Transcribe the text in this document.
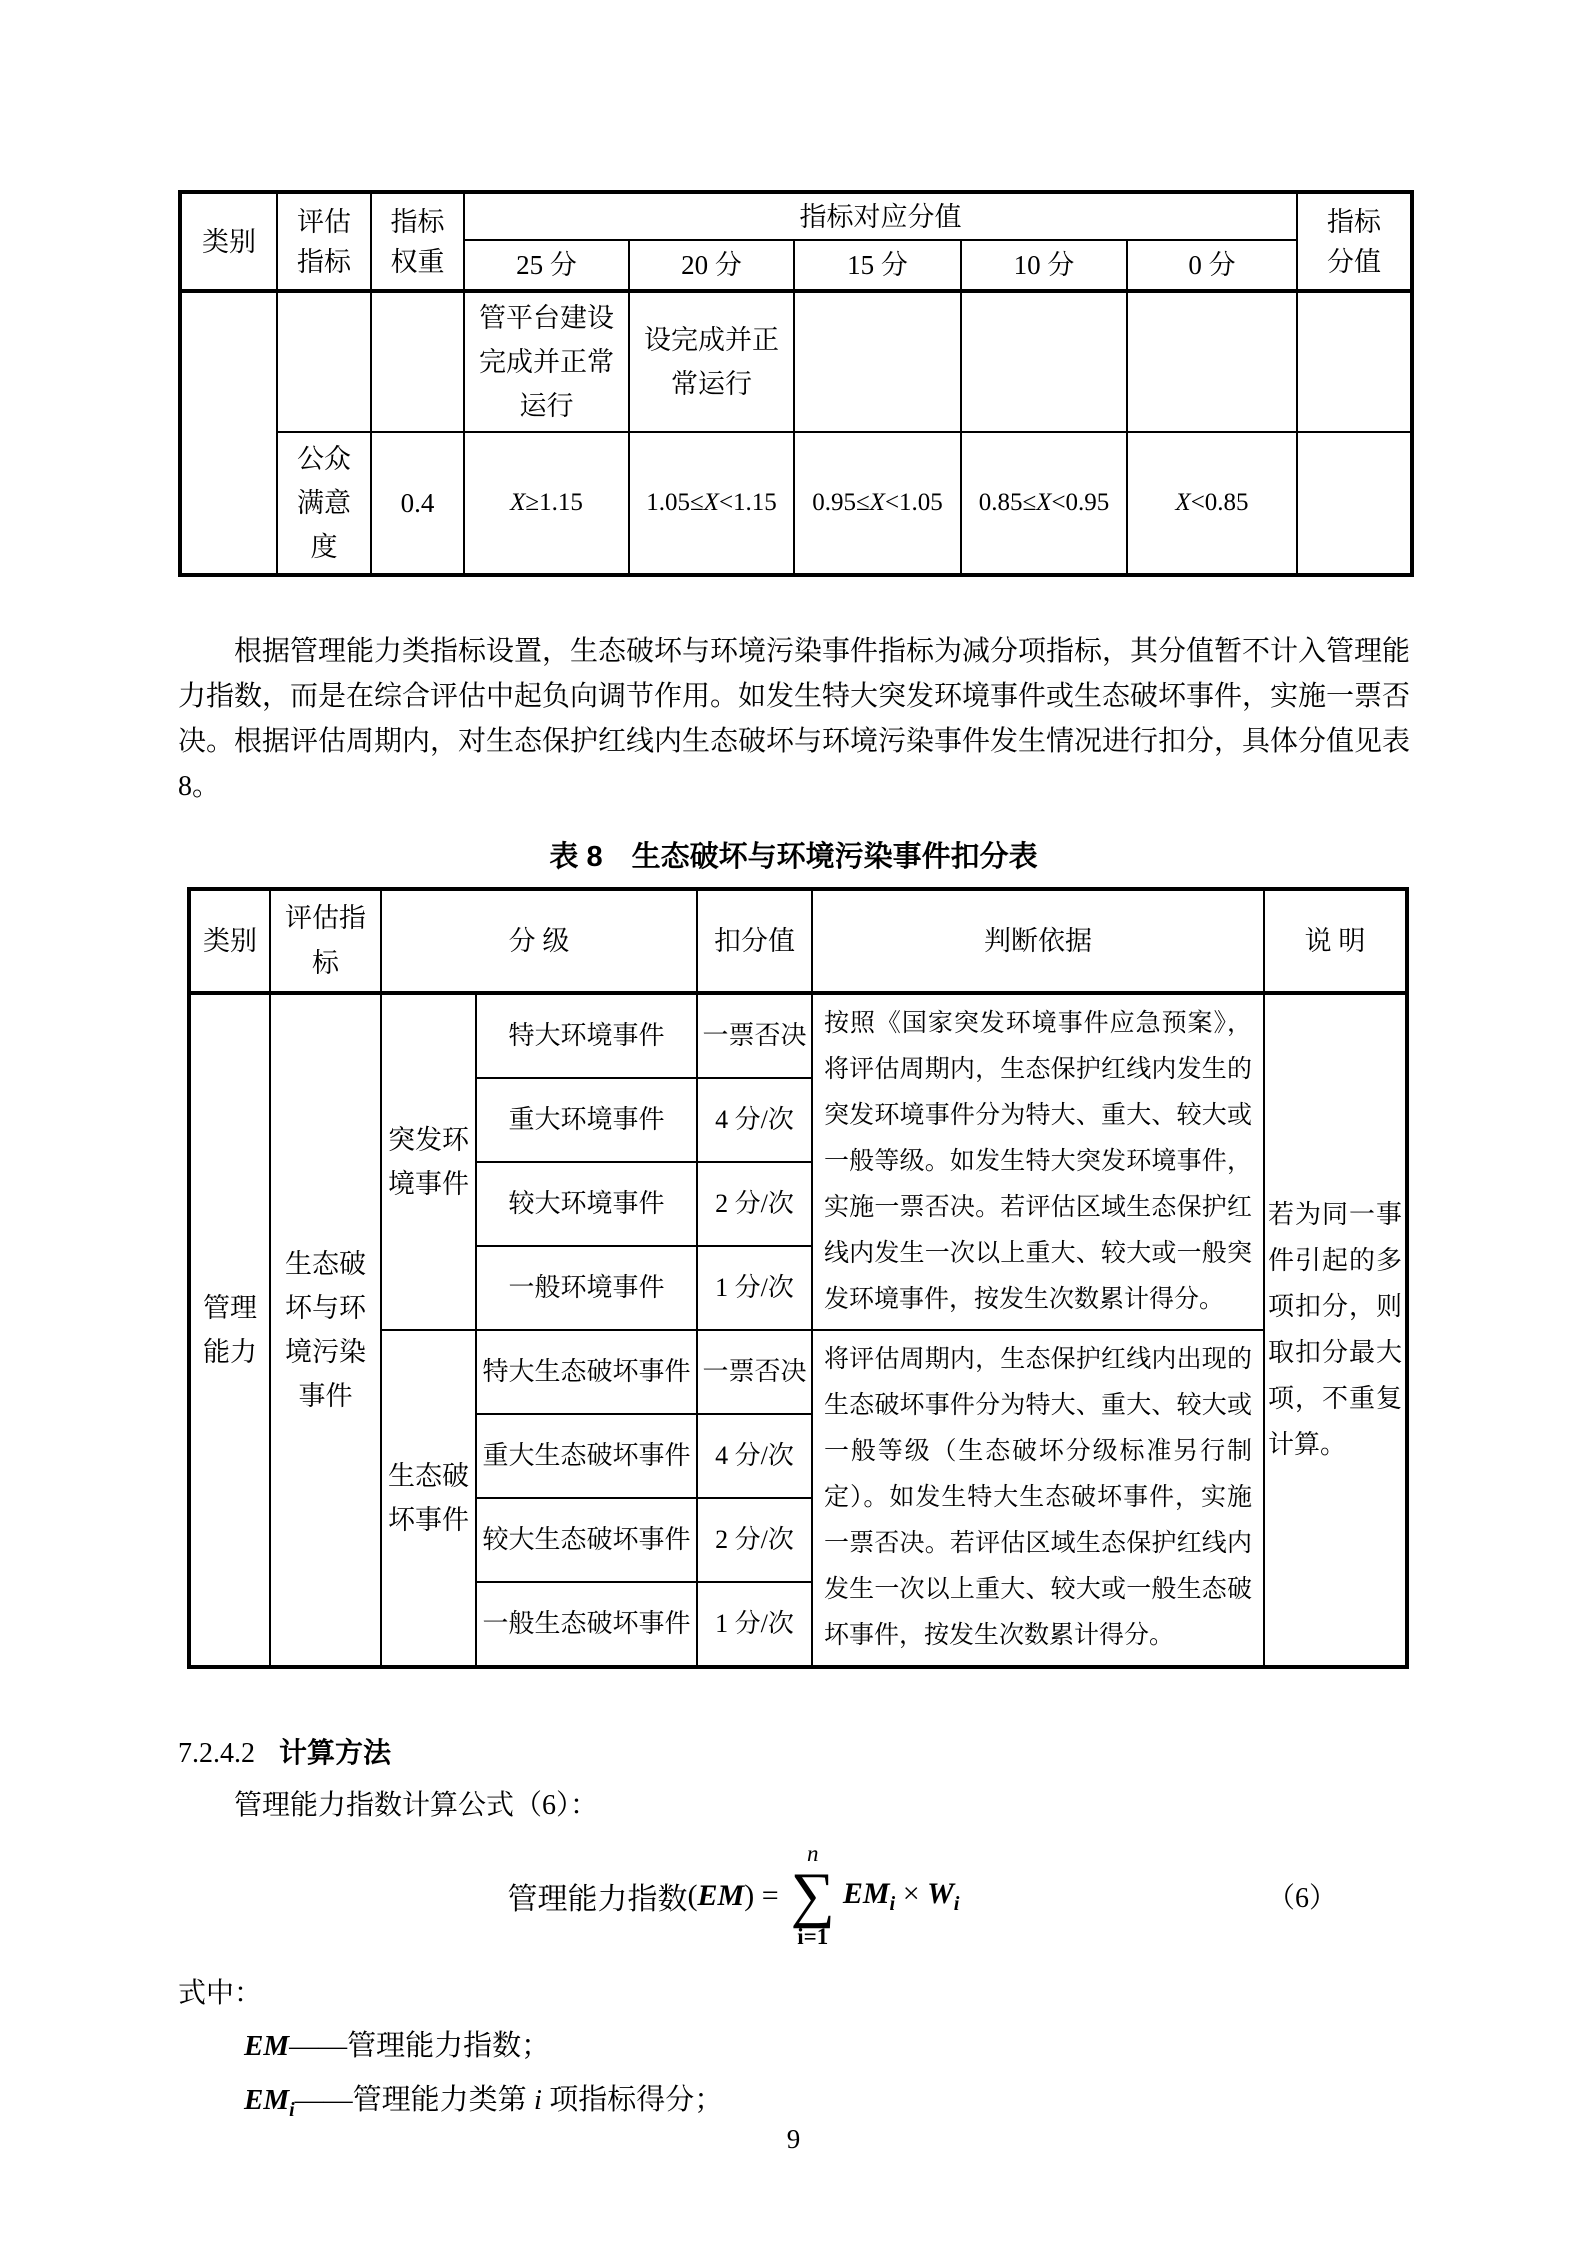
类别	评估指标	指标权重	指标对应分值					指标分值
			25 分	20 分	15 分	10 分	0 分	
			管平台建设完成并正常运行	设完成并正常运行				
	公众满意度	0.4	X≥1.15	1.05≤X<1.15	0.95≤X<1.05	0.85≤X<0.95	X<0.85	
根据管理能力类指标设置，生态破坏与环境污染事件指标为减分项指标，其分值暂不计入管理能力指数，而是在综合评估中起负向调节作用。如发生特大突发环境事件或生态破坏事件，实施一票否决。根据评估周期内，对生态保护红线内生态破坏与环境污染事件发生情况进行扣分，具体分值见表 8。
表 8　生态破坏与环境污染事件扣分表
类别	评估指标	分 级		扣分值	判断依据	说 明
管理能力	生态破坏与环境污染事件	突发环境事件	特大环境事件	一票否决	按照《国家突发环境事件应急预案》，将评估周期内，生态保护红线内发生的突发环境事件分为特大、重大、较大或一般等级。如发生特大突发环境事件，实施一票否决。若评估区域生态保护红线内发生一次以上重大、较大或一般突发环境事件，按发生次数累计得分。	若为同一事件引起的多项扣分，则取扣分最大项，不重复计算。
			重大环境事件	4 分/次		
			较大环境事件	2 分/次		
			一般环境事件	1 分/次		
		生态破坏事件	特大生态破坏事件	一票否决	将评估周期内，生态保护红线内出现的生态破坏事件分为特大、重大、较大或一般等级（生态破坏分级标准另行制定）。如发生特大生态破坏事件，实施一票否决。若评估区域生态保护红线内发生一次以上重大、较大或一般生态破坏事件，按发生次数累计得分。	
			重大生态破坏事件	4 分/次		
			较大生态破坏事件	2 分/次		
			一般生态破坏事件	1 分/次		
7.2.4.2 计算方法
管理能力指数计算公式（6）：
管理能力指数 ( EM ) =
n
∑
i=1
$EM_i \times W_i$	（6）
式中：
EM——管理能力指数；
$EM_i——$管理能力类第 i 项指标得分；
9
